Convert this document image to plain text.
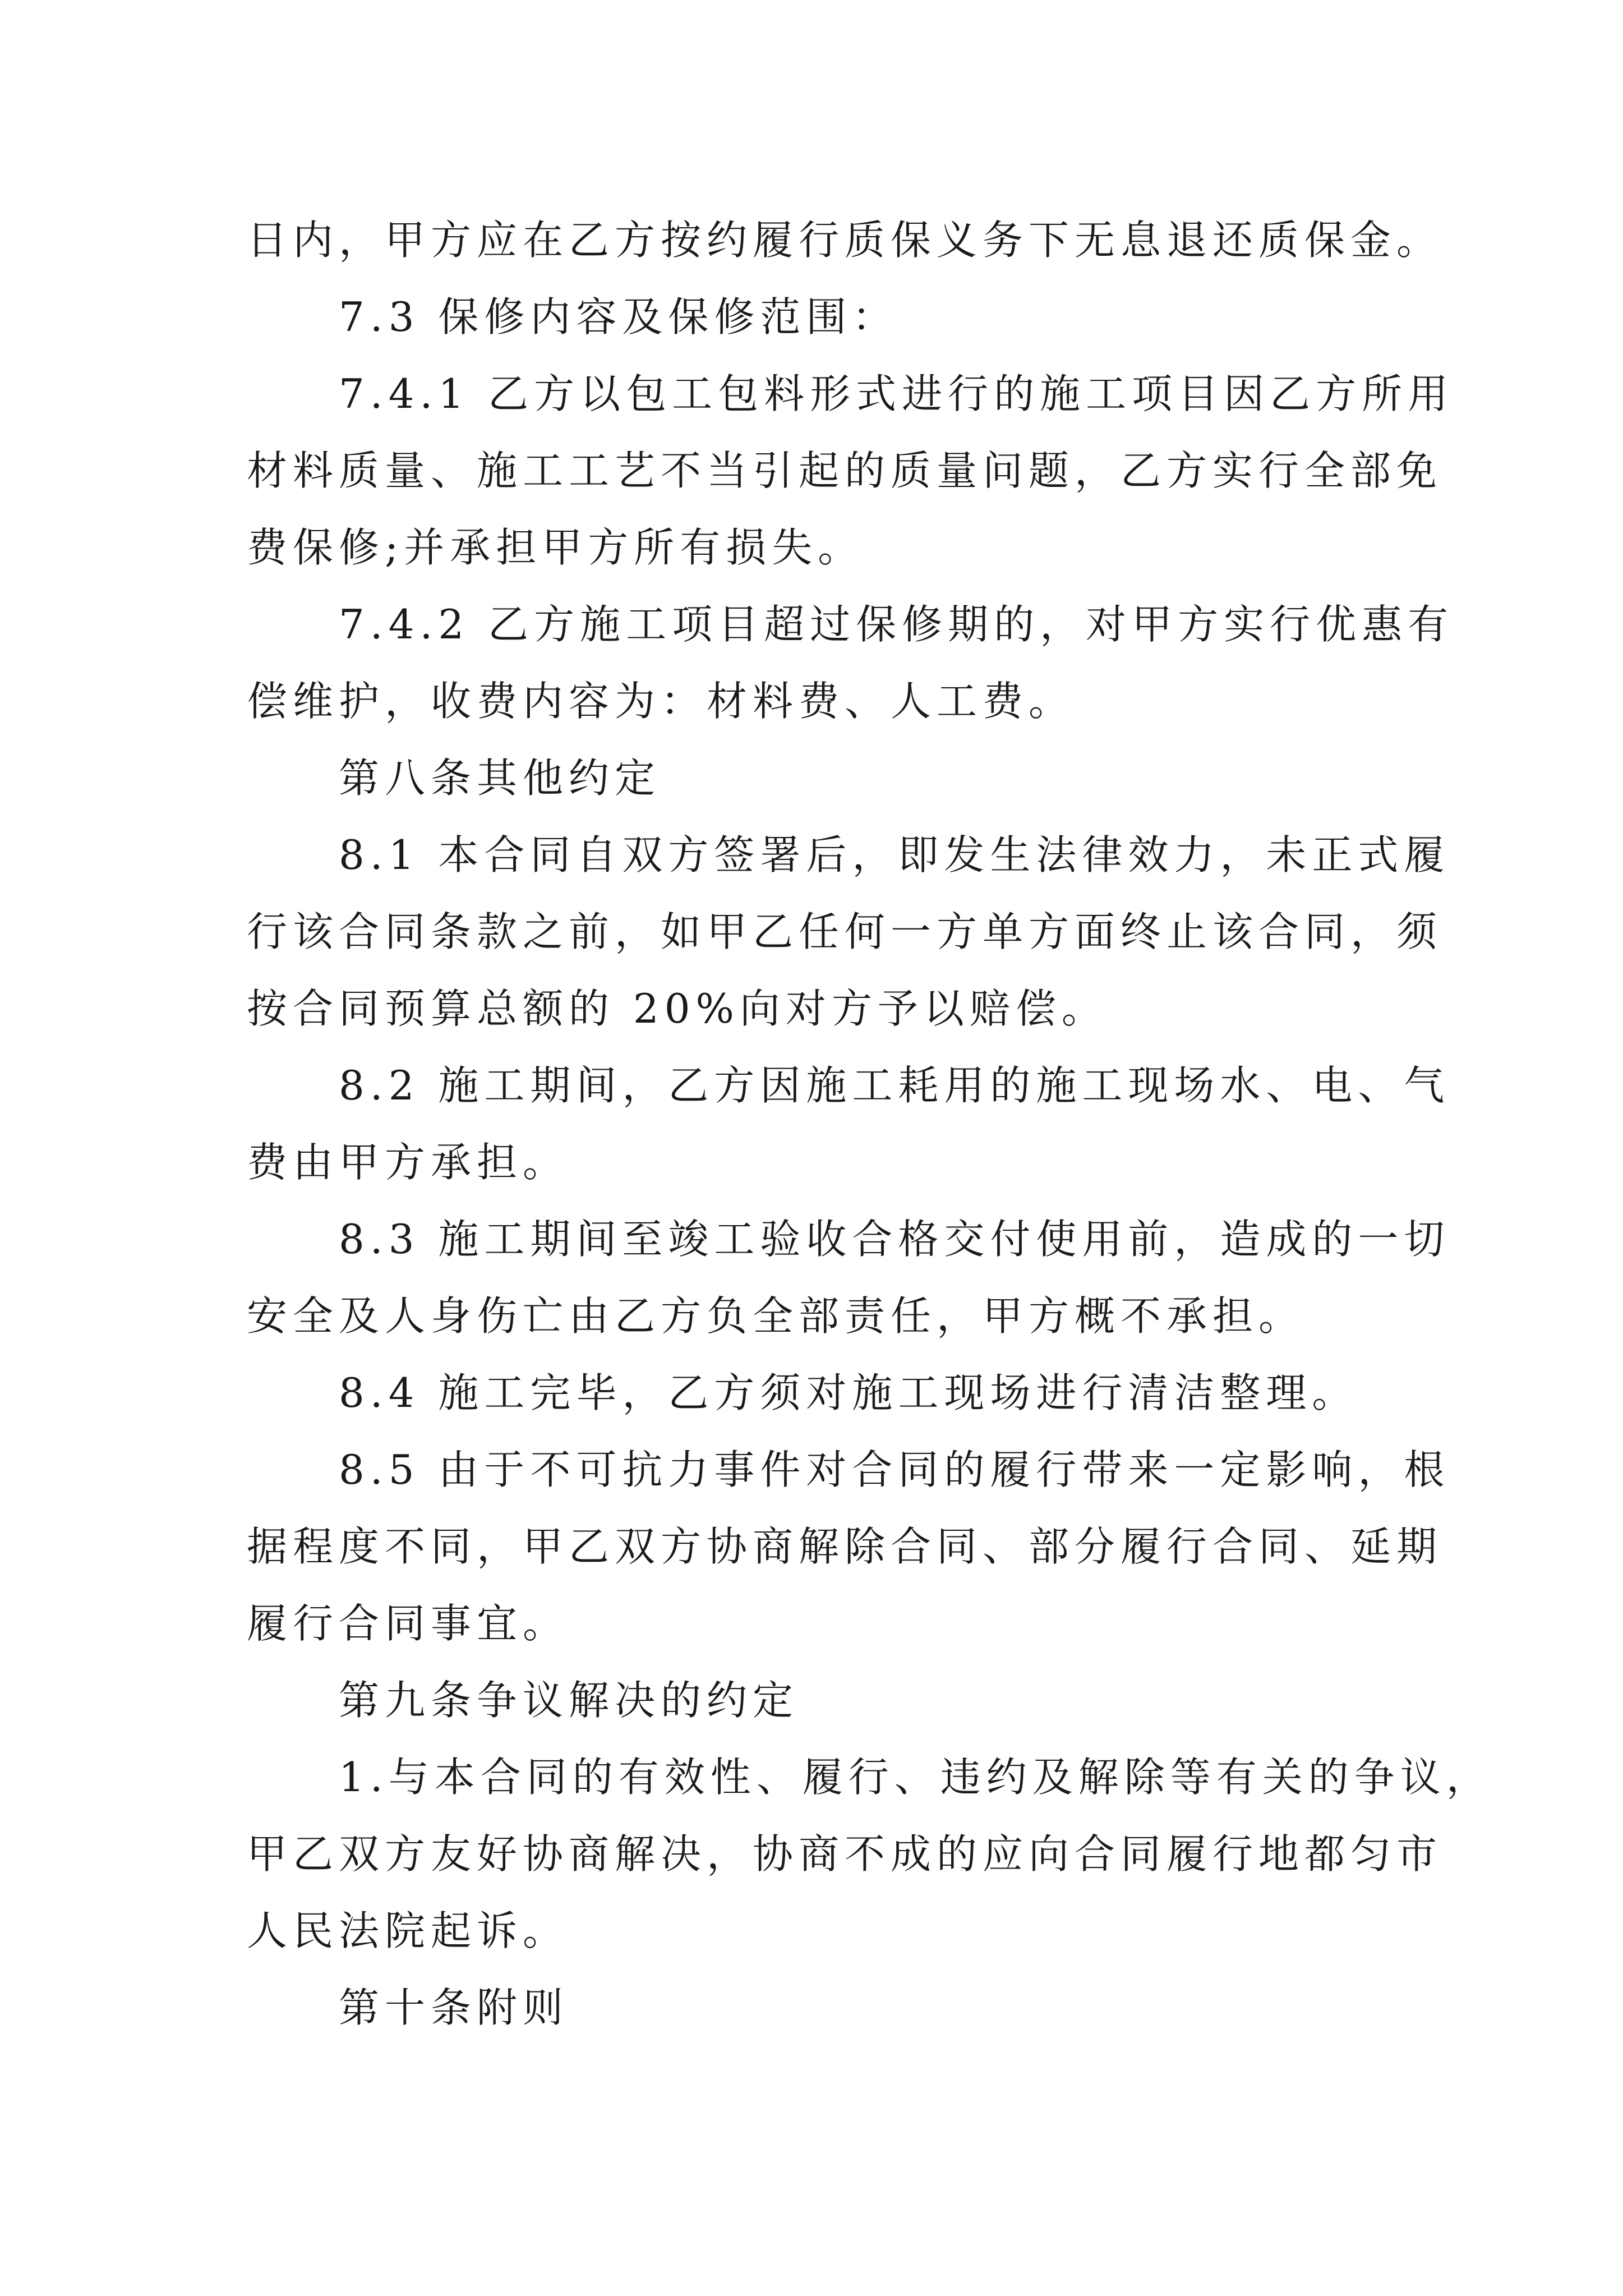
日内，甲方应在乙方按约履行质保义务下无息退还质保金。

7.3 保修内容及保修范围：

7.4.1 乙方以包工包料形式进行的施工项目因乙方所用

材料质量、施工工艺不当引起的质量问题，乙方实行全部免

费保修;并承担甲方所有损失。

7.4.2 乙方施工项目超过保修期的，对甲方实行优惠有

偿维护，收费内容为：材料费、人工费。

第八条其他约定

8.1 本合同自双方签署后，即发生法律效力，未正式履

行该合同条款之前，如甲乙任何一方单方面终止该合同，须

按合同预算总额的 20%向对方予以赔偿。

8.2 施工期间，乙方因施工耗用的施工现场水、电、气

费由甲方承担。

8.3 施工期间至竣工验收合格交付使用前，造成的一切

安全及人身伤亡由乙方负全部责任，甲方概不承担。

8.4 施工完毕，乙方须对施工现场进行清洁整理。

8.5 由于不可抗力事件对合同的履行带来一定影响，根

据程度不同，甲乙双方协商解除合同、部分履行合同、延期

履行合同事宜。

第九条争议解决的约定

1.与本合同的有效性、履行、违约及解除等有关的争议，

甲乙双方友好协商解决，协商不成的应向合同履行地都匀市

人民法院起诉。

第十条附则
